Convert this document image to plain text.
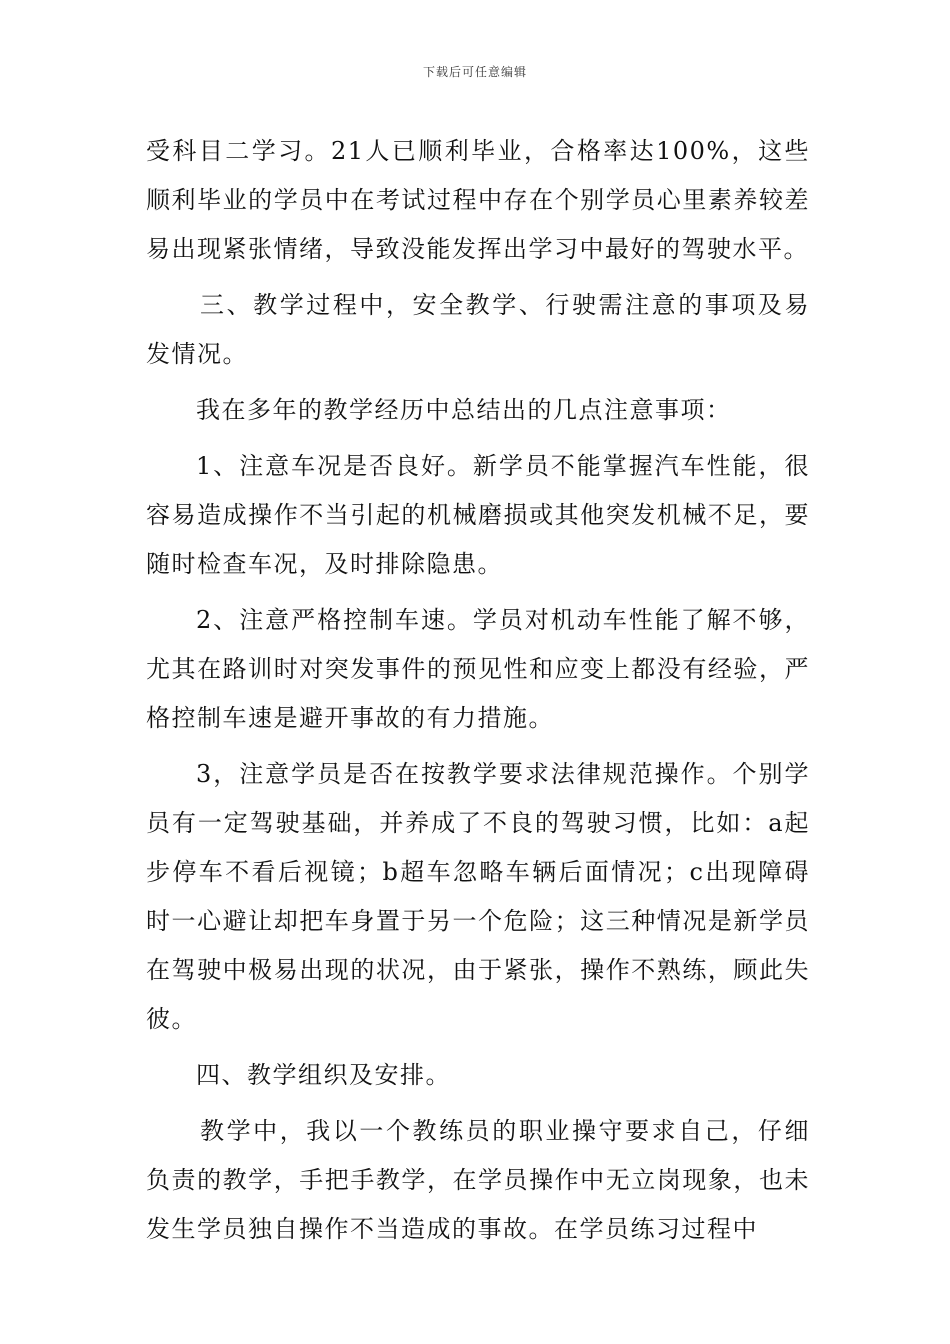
下载后可任意编辑

受科目二学习。21人已顺利毕业，合格率达100%，这些顺利毕业的学员中在考试过程中存在个别学员心里素养较差易出现紧张情绪，导致没能发挥出学习中最好的驾驶水平。

三、教学过程中，安全教学、行驶需注意的事项及易发情况。

我在多年的教学经历中总结出的几点注意事项：

1、注意车况是否良好。新学员不能掌握汽车性能，很容易造成操作不当引起的机械磨损或其他突发机械不足，要随时检查车况，及时排除隐患。

2、注意严格控制车速。学员对机动车性能了解不够，尤其在路训时对突发事件的预见性和应变上都没有经验，严格控制车速是避开事故的有力措施。

3，注意学员是否在按教学要求法律规范操作。个别学员有一定驾驶基础，并养成了不良的驾驶习惯，比如：a起步停车不看后视镜；b超车忽略车辆后面情况；c出现障碍时一心避让却把车身置于另一个危险；这三种情况是新学员在驾驶中极易出现的状况，由于紧张，操作不熟练，顾此失彼。

四、教学组织及安排。

教学中，我以一个教练员的职业操守要求自己，仔细负责的教学，手把手教学，在学员操作中无立岗现象，也未发生学员独自操作不当造成的事故。在学员练习过程中
